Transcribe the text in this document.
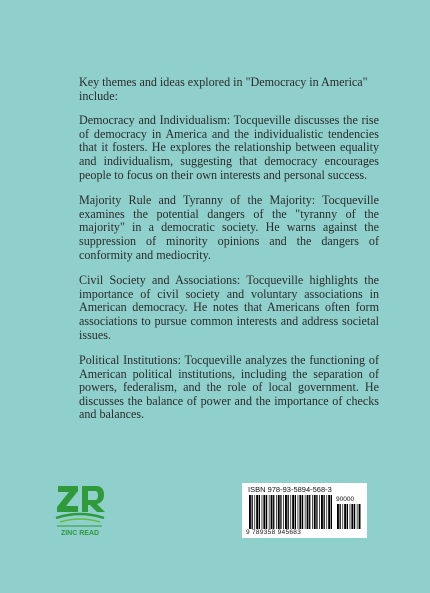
Key themes and ideas explored in "Democracy in America" include:

Democracy and Individualism: Tocqueville discusses the rise of democracy in America and the individualistic tendencies that it fosters. He explores the relationship between equality and individualism, suggesting that democracy encourages people to focus on their own interests and personal success.

Majority Rule and Tyranny of the Majority: Tocqueville examines the potential dangers of the "tyranny of the majority" in a democratic society. He warns against the suppression of minority opinions and the dangers of conformity and mediocrity.

Civil Society and Associations: Tocqueville highlights the importance of civil society and voluntary associations in American democracy. He notes that Americans often form associations to pursue common interests and address societal issues.

Political Institutions: Tocqueville analyzes the functioning of American political institutions, including the separation of powers, federalism, and the role of local government. He discusses the balance of power and the importance of checks and balances.

ZINC READ
ISBN 978-93-5894-568-3
90000
9 789358 945683
